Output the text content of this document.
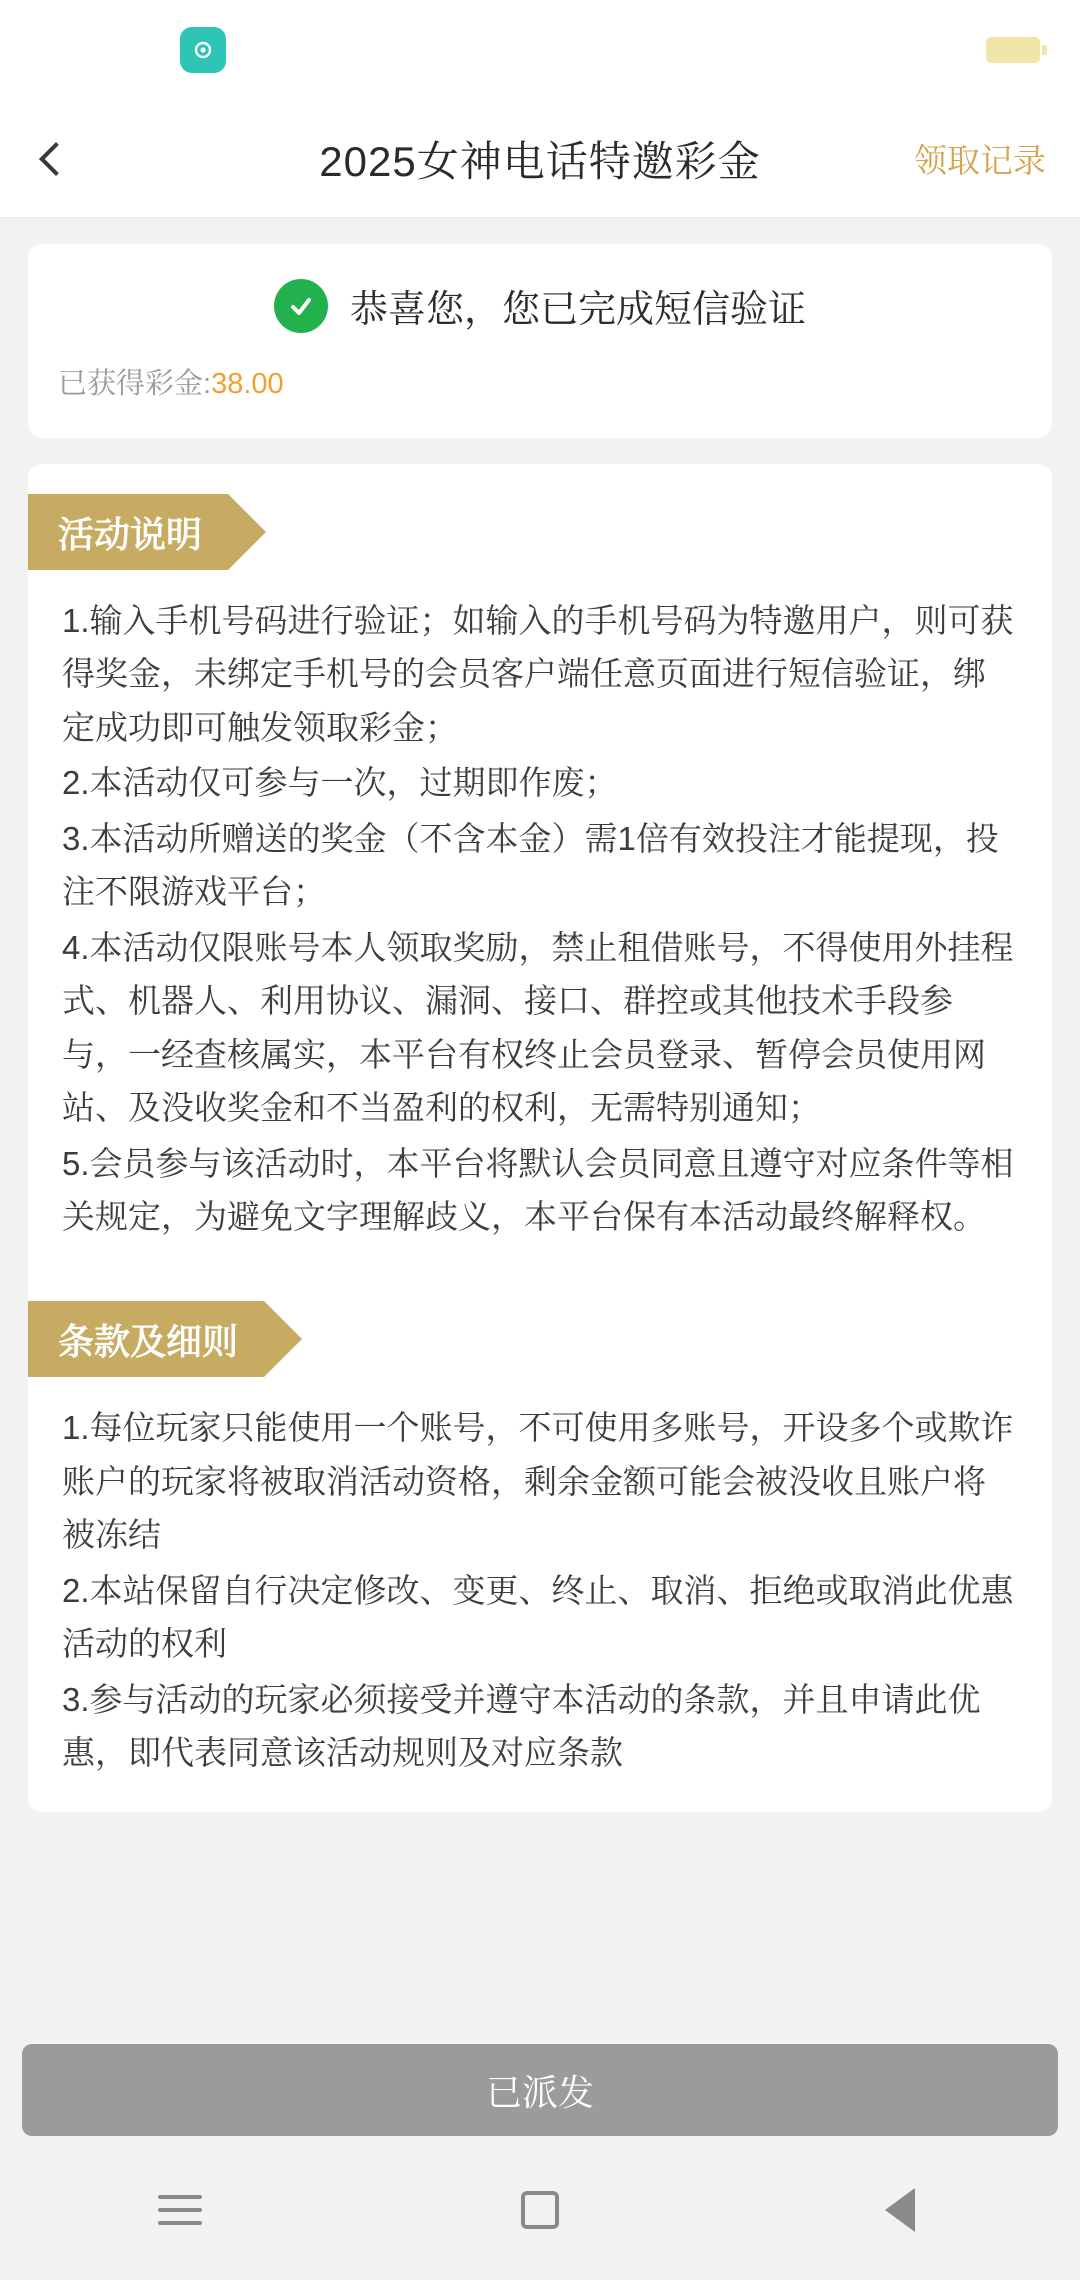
2025女神电话特邀彩金	领取记录
恭喜您，您已完成短信验证
已获得彩金: 38.00
活动说明

1.输入手机号码进行验证；如输入的手机号码为特邀用户，则可获得奖金，未绑定手机号的会员客户端任意页面进行短信验证，绑定成功即可触发领取彩金；

2.本活动仅可参与一次，过期即作废；

3.本活动所赠送的奖金（不含本金）需1倍有效投注才能提现，投注不限游戏平台；

4.本活动仅限账号本人领取奖励，禁止租借账号，不得使用外挂程式、机器人、利用协议、漏洞、接口、群控或其他技术手段参与，一经查核属实，本平台有权终止会员登录、暂停会员使用网站、及没收奖金和不当盈利的权利，无需特别通知；

5.会员参与该活动时，本平台将默认会员同意且遵守对应条件等相关规定，为避免文字理解歧义，本平台保有本活动最终解释权。

条款及细则

1.每位玩家只能使用一个账号，不可使用多账号，开设多个或欺诈账户的玩家将被取消活动资格，剩余金额可能会被没收且账户将被冻结

2.本站保留自行决定修改、变更、终止、取消、拒绝或取消此优惠活动的权利

3.参与活动的玩家必须接受并遵守本活动的条款，并且申请此优惠，即代表同意该活动规则及对应条款

已派发
